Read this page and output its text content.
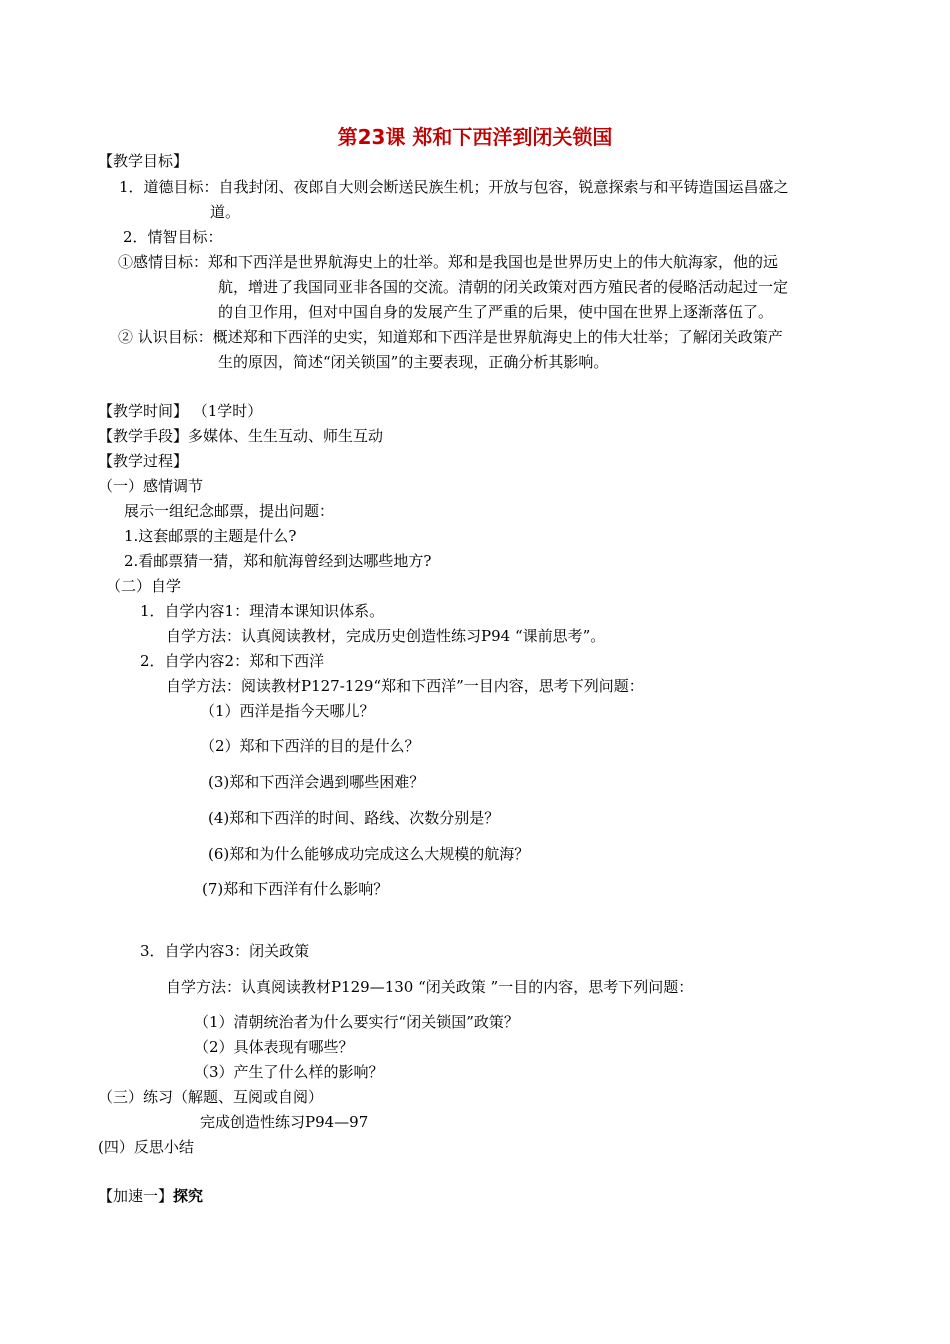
第23课 郑和下西洋到闭关锁国
【教学目标】
1．道德目标：自我封闭、夜郎自大则会断送民族生机；开放与包容，锐意探索与和平铸造国运昌盛之
道。
2．情智目标：
①感情目标：郑和下西洋是世界航海史上的壮举。郑和是我国也是世界历史上的伟大航海家，他的远
航，增进了我国同亚非各国的交流。清朝的闭关政策对西方殖民者的侵略活动起过一定
的自卫作用，但对中国自身的发展产生了严重的后果，使中国在世界上逐渐落伍了。
② 认识目标：概述郑和下西洋的史实，知道郑和下西洋是世界航海史上的伟大壮举；了解闭关政策产
生的原因，简述“闭关锁国”的主要表现，正确分析其影响。
【教学时间】 （1学时）
【教学手段】多媒体、生生互动、师生互动
【教学过程】
（一）感情调节
展示一组纪念邮票，提出问题：
1.这套邮票的主题是什么?
2.看邮票猜一猜，郑和航海曾经到达哪些地方?
（二）自学
1．自学内容1：理清本课知识体系。
自学方法：认真阅读教材，完成历史创造性练习P94 “课前思考”。
2．自学内容2：郑和下西洋
自学方法：阅读教材P127-129“郑和下西洋”一目内容，思考下列问题：
（1）西洋是指今天哪儿？
（2）郑和下西洋的目的是什么？
(3)郑和下西洋会遇到哪些困难？
(4)郑和下西洋的时间、路线、次数分别是？
(6)郑和为什么能够成功完成这么大规模的航海？
(7)郑和下西洋有什么影响？
3．自学内容3：闭关政策
自学方法：认真阅读教材P129—130 “闭关政策 ”一目的内容，思考下列问题：
（1）清朝统治者为什么要实行“闭关锁国”政策？
（2）具体表现有哪些？
（3）产生了什么样的影响？
（三）练习（解题、互阅或自阅）
完成创造性练习P94—97
(四）反思小结
【加速一】探究
